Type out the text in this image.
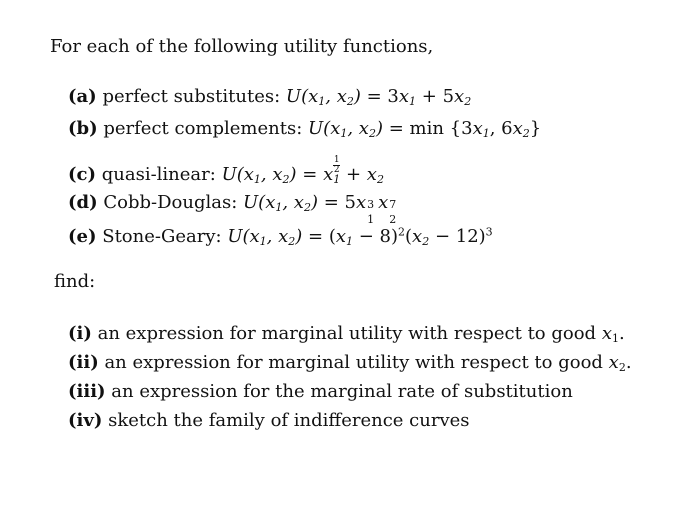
For each of the following utility functions,
(a) perfect substitutes: $U(x_1$, $x_2) = 3x_1 + 5x_2$
(b) perfect complements: $U(x_1$, $x_2) = \min \{3x_1$, $6x_2$}
(c) quasi-linear: $U(x_1$, $x_2) = x1$
$2_1 + x_2$
(d) Cobb-Douglas: $U(x_1$, $x_2) = 5x$ 3
1
x 7
2
(e) Stone-Geary: $U(x_1$, $x_2) = (x_1 - 8)^2(x_2 - 12)^3$
find:
(i) an expression for marginal utility with respect to good $x_1$.
(ii) an expression for marginal utility with respect to good $x_2$.
(iii) an expression for the marginal rate of substitution
(iv) sketch the family of indifference curves
